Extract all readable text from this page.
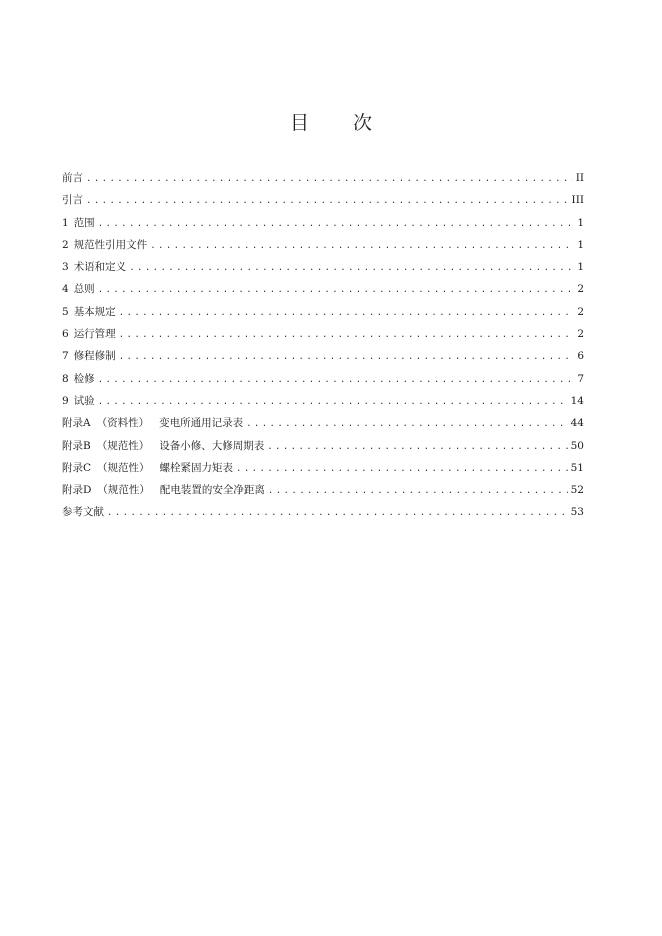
目 次
前言 .....	II
引言 .....	III
1 范围 .....	1
2 规范性引用文件 .....	1
3 术语和定义 .....	1
4 总则 .....	2
5 基本规定 .....	2
6 运行管理 .....	2
7 修程修制 .....	6
8 检修 .....	7
9 试验 .....	14
附录A （资料性） 变电所通用记录表 .....	44
附录B （规范性） 设备小修、大修周期表 .....	50
附录C （规范性） 螺栓紧固力矩表 .....	51
附录D （规范性） 配电装置的安全净距离 .....	52
参考文献 .....	53
